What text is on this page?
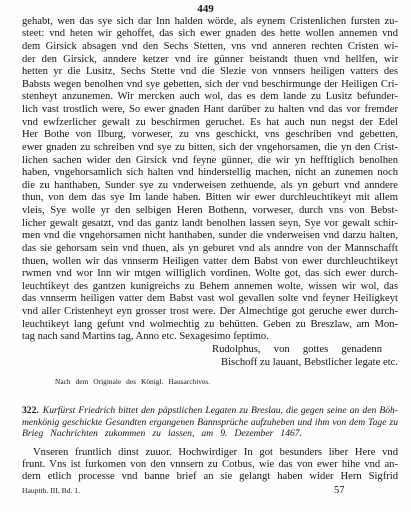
449
gehabt, wen das sye sich dar Inn halden wörde, als eynem Cristenlichen fursten zu-
steet: vnd heten wir gehoffet, das sich ewer gnaden des hette wollen annemen vnd
dem Girsick absagen vnd den Sechs Stetten, vns vnd anneren rechten Cristen wi-
der den Girsick, anndere ketzer vnd ire günner beistandt thuen vnd hellfen, wir
hetten yr die Lusitz, Sechs Stette vnd die Slezie von vnnsers heiligen vatters des
Babsts wegen benolhen vnd sye gebetten, sich der vnd beschirmunge der Heiligen Cri-
stenheyt anzunemen. Wir mercken auch wol, das es dem lande zu Lusitz befunder-
lich vast trostlich were, So ewer gnaden Hant darüber zu halten vnd das vor fremder
vnd ewfzerlicher gewalt zu beschirmen geruchet. Es hat auch nun negst der Edel
Her Bothe von Ilburg, vorweser, zu vns geschickt, vns geschriben vnd gebetten,
ewer gnaden zu schreiben vnd sye zu bitten, sich der vngehorsamen, die yn den Crist-
lichen sachen wider den Girsick vnd feyne günner, die wir yn hefftiglich benolhen
haben, vngehorsamlich sich halten vnd hinderstellig machen, nicht an zunemen noch
die zu hanthaben, Sunder sye zu vnderweisen zethuende, als yn geburt vnd anndere
thun, von dem das sye Im lande haben. Bitten wir ewer durchleuchtikeyt mit allem
vleis, Sye wolle yr den selbigen Heren Bothenn, vorweser, durch vns von Bebst-
licher gewalt gesatzt, vnd das gantz landt benolhen lassen seyn, Sye vor gewalt schir-
men vnd die vngehorsamen nicht hanthaben, sunder die vnderweisen vnd darzu halten,
das sie gehorsam sein vnd thuen, als yn geburet vnd als anndre von der Mannschafft
thuen, wollen wir das vnnserm Heiligen vatter dem Babst von ewer durchleuchtikeyt
rwmen vnd wor Inn wir mtgen williglich vordinen. Wolte got, das sich ewer durch-
leuchtikeyt des gantzen kunigreichs zu Behem annemen wolte, wissen wir wol, das
das vnnserm heiligen vatter dem Babst vast wol gevallen solte vnd feyner Heiligkeyt
vnd aller Cristenheyt eyn grosser trost were. Der Almechtige got geruche ewer durch-
leuchtikeyt lang gefunt vnd wolmechtig zu behütten. Geben zu Breszlaw, am Mon-
tag nach sand Martins tag, Anno etc. Sexagesimo feptimo.
Rudolphus, von gottes genadenn
Bischoff zu lauant, Bebstlicher legate etc.
Nach dem Originale des Königl. Hausarchives.
322. Kurfürst Friedrich bittet den päpstlichen Legaten zu Breslau, die gegen seine an den Böh-
menkönig geschickte Gesandten ergangenen Bannsprüche aufzuheben und ihm von dem Tage zu
Brieg Nachrichten zukommen zu lassen, am 9. Dezember 1467.
Vnseren fruntlich dinst zuuor. Hochwirdiger In got besunders liber Here vnd
frunt. Vns ist furkomen von den vnnsern zu Cotbus, wie das von ewer hihe vnd an-
dern etlich processe vnd banne brief an sie gelangt haben wider Hern Sigfrid
Hauptth. III, Bd. 1.	57
